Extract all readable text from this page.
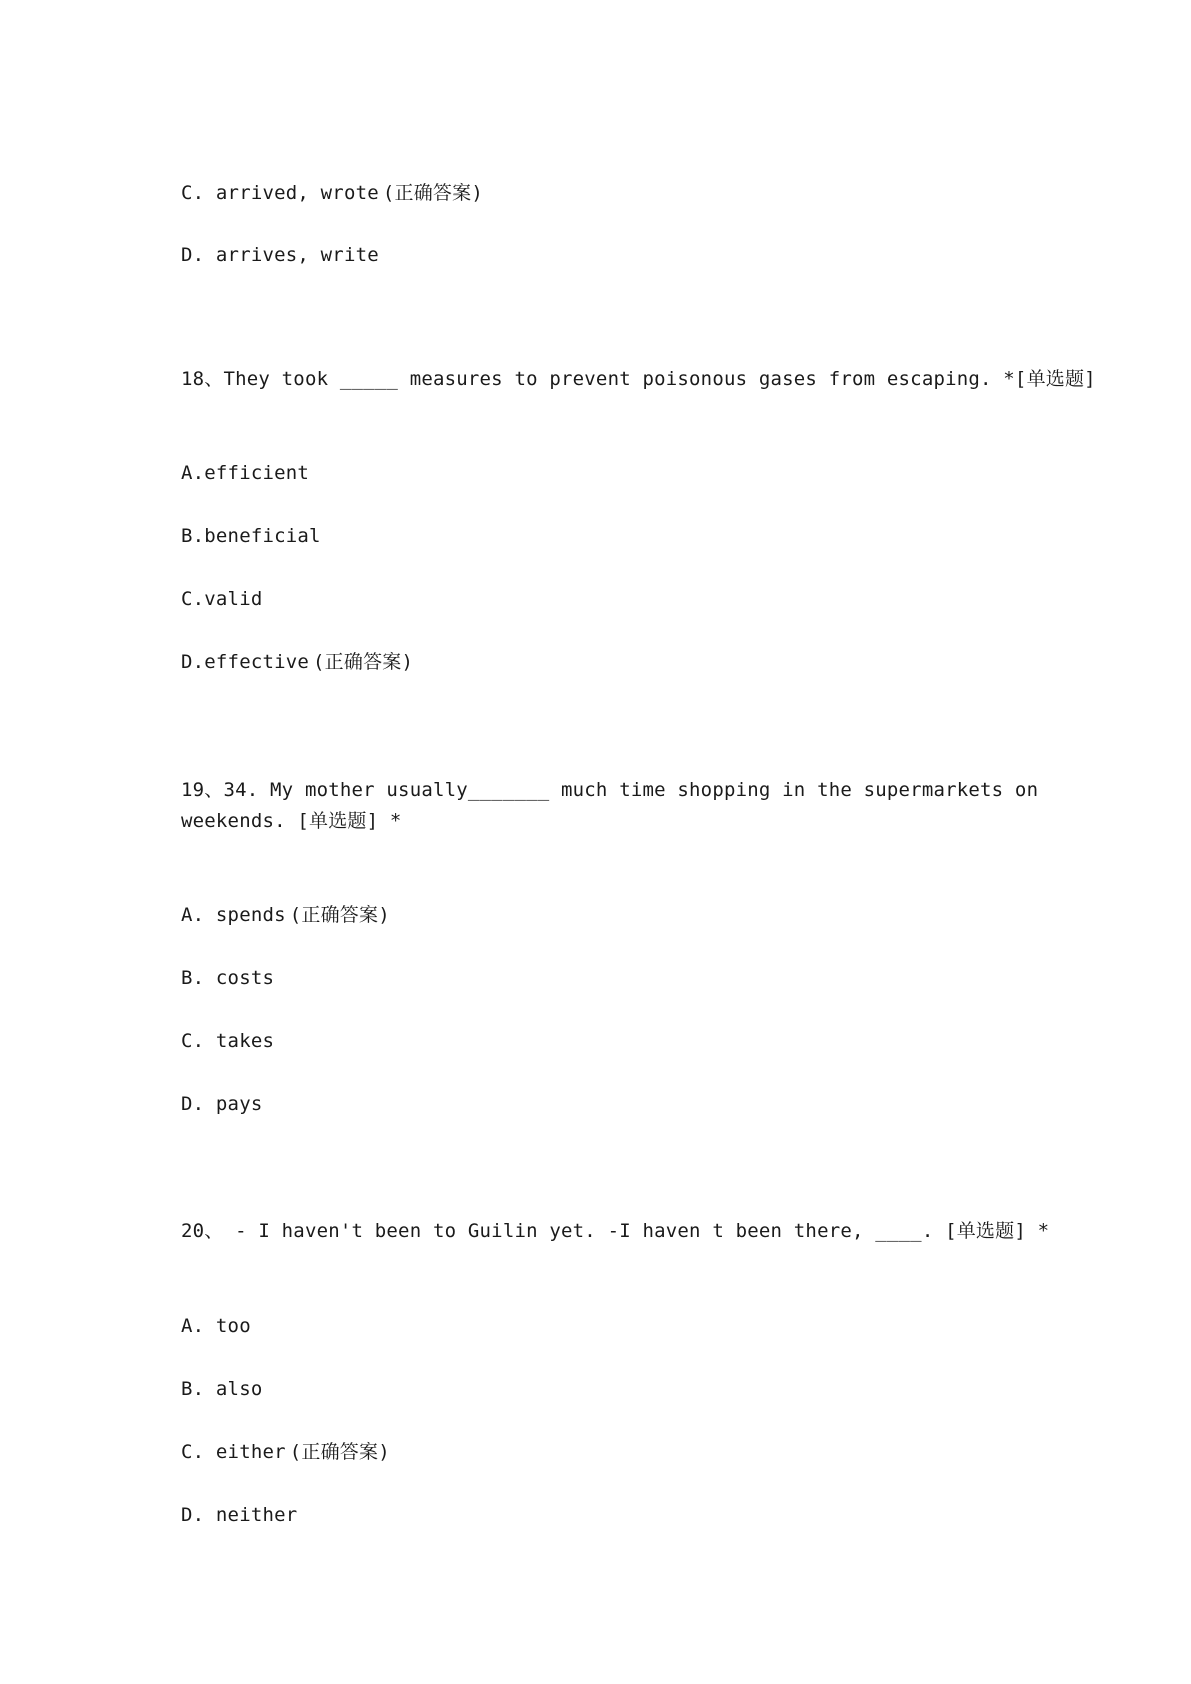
C. arrived, wrote (正确答案)
D. arrives, write
18、They took _____ measures to prevent poisonous gases from escaping. *[单选题]
A.efficient
B.beneficial
C.valid
D.effective (正确答案)
19、34. My mother usually_______ much time shopping in the supermarkets on weekends. [单选题] *
A. spends (正确答案)
B. costs
C. takes
D. pays
20、 - I haven't been to Guilin yet. -I haven t been there, ____. [单选题] *
A. too
B. also
C. either (正确答案)
D. neither
